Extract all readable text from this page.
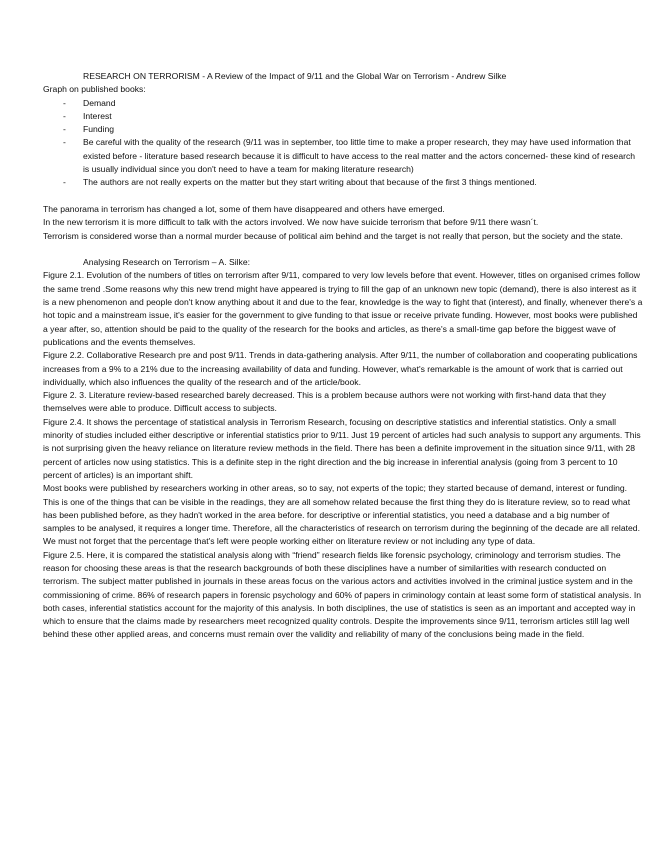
RESEARCH ON TERRORISM - A Review of the Impact of 9/11 and the Global War on Terrorism - Andrew Silke

Graph on published books:

- Demand
- Interest
- Funding
- Be careful with the quality of the research (9/11 was in september, too little time to make a proper research, they may have used information that existed before - literature based research because it is difficult to have access to the real matter and the actors concerned- these kind of research is usually individual since you don't need to have a team for making literature research)
- The authors are not really experts on the matter but they start writing about that because of the first 3 things mentioned.

The panorama in terrorism has changed a lot, some of them have disappeared and others have emerged.

In the new terrorism it is more difficult to talk with the actors involved. We now have suicide terrorism that before 9/11 there wasn´t.

Terrorism is considered worse than a normal murder because of political aim behind and the target is not really that person, but the society and the state.

Analysing Research on Terrorism – A. Silke:

Figure 2.1. Evolution of the numbers of titles on terrorism after 9/11, compared to very low levels before that event. However, titles on organised crimes follow the same trend .Some reasons why this new trend might have appeared is trying to fill the gap of an unknown new topic (demand), there is also interest as it is a new phenomenon and people don't know anything about it and due to the fear, knowledge is the way to fight that (interest), and finally, whenever there's a hot topic and a mainstream issue, it's easier for the government to give funding to that issue or receive private funding. However, most books were published a year after, so, attention should be paid to the quality of the research for the books and articles, as there's a small-time gap before the biggest wave of publications and the events themselves.

Figure 2.2. Collaborative Research pre and post 9/11. Trends in data-gathering analysis. After 9/11, the number of collaboration and cooperating publications increases from a 9% to a 21% due to the increasing availability of data and funding. However, what's remarkable is the amount of work that is carried out individually, which also influences the quality of the research and of the article/book.

Figure 2. 3. Literature review-based researched barely decreased. This is a problem because authors were not working with first-hand data that they themselves were able to produce. Difficult access to subjects.

Figure 2.4. It shows the percentage of statistical analysis in Terrorism Research, focusing on descriptive statistics and inferential statistics. Only a small minority of studies included either descriptive or inferential statistics prior to 9/11. Just 19 percent of articles had such analysis to support any arguments. This is not surprising given the heavy reliance on literature review methods in the field. There has been a definite improvement in the situation since 9/11, with 28 percent of articles now using statistics. This is a definite step in the right direction and the big increase in inferential analysis (going from 3 percent to 10 percent of articles) is an important shift.

Most books were published by researchers working in other areas, so to say, not experts of the topic; they started because of demand, interest or funding. This is one of the things that can be visible in the readings, they are all somehow related because the first thing they do is literature review, so to read what has been published before, as they hadn't worked in the area before. for descriptive or inferential statistics, you need a database and a big number of samples to be analysed, it requires a longer time. Therefore, all the characteristics of research on terrorism during the beginning of the decade are all related. We must not forget that the percentage that's left were people working either on literature review or not including any type of data.

Figure 2.5. Here, it is compared the statistical analysis along with “friend” research fields like forensic psychology, criminology and terrorism studies. The reason for choosing these areas is that the research backgrounds of both these disciplines have a number of similarities with research conducted on terrorism. The subject matter published in journals in these areas focus on the various actors and activities involved in the criminal justice system and in the commissioning of crime. 86% of research papers in forensic psychology and 60% of papers in criminology contain at least some form of statistical analysis. In both cases, inferential statistics account for the majority of this analysis. In both disciplines, the use of statistics is seen as an important and accepted way in which to ensure that the claims made by researchers meet recognized quality controls. Despite the improvements since 9/11, terrorism articles still lag well behind these other applied areas, and concerns must remain over the validity and reliability of many of the conclusions being made in the field.
